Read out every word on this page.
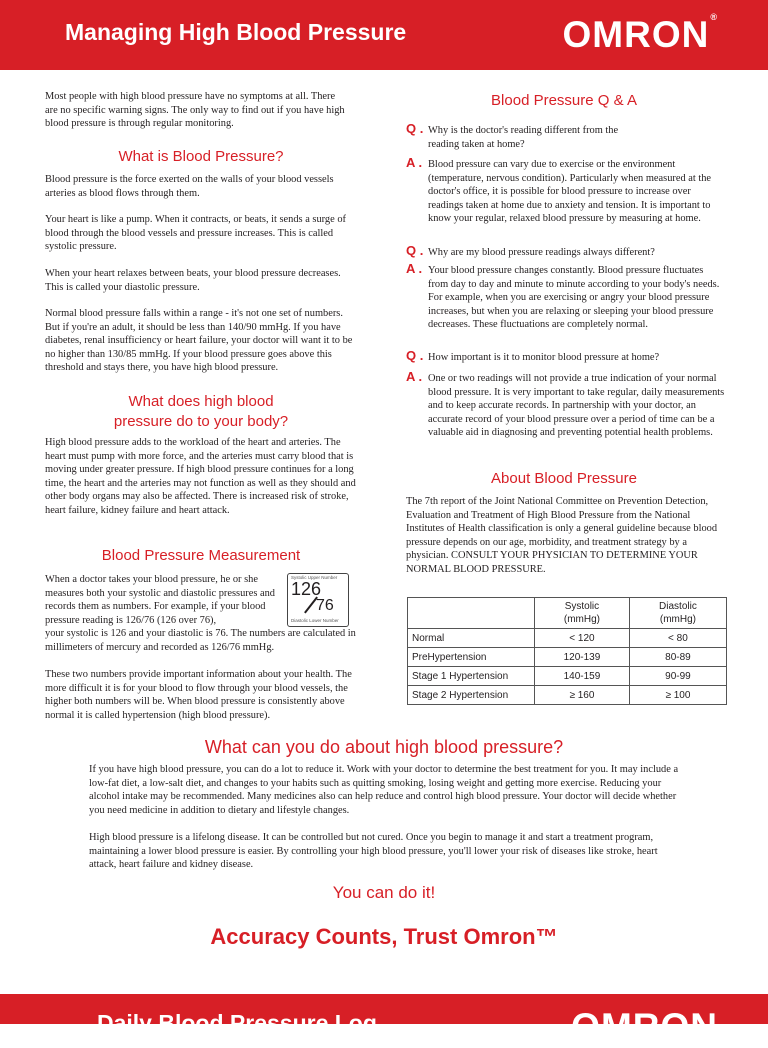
Managing High Blood Pressure	OMRON®

Most people with high blood pressure have no symptoms at all. There are no specific warning signs. The only way to find out if you have high blood pressure is through regular monitoring.

What is Blood Pressure?

Blood pressure is the force exerted on the walls of your blood vessels arteries as blood flows through them.

Your heart is like a pump. When it contracts, or beats, it sends a surge of blood through the blood vessels and pressure increases. This is called systolic pressure.

When your heart relaxes between beats, your blood pressure decreases. This is called your diastolic pressure.

Normal blood pressure falls within a range - it's not one set of numbers. But if you're an adult, it should be less than 140/90 mmHg. If you have diabetes, renal insufficiency or heart failure, your doctor will want it to be no higher than 130/85 mmHg. If your blood pressure goes above this threshold and stays there, you have high blood pressure.

What does high blood
pressure do to your body?

High blood pressure adds to the workload of the heart and arteries. The heart must pump with more force, and the arteries must carry blood that is moving under greater pressure. If high blood pressure continues for a long time, the heart and the arteries may not function as well as they should and other body organs may also be affected. There is increased risk of stroke, heart failure, kidney failure and heart attack.

Blood Pressure Measurement

When a doctor takes your blood pressure, he or she measures both your systolic and diastolic pressures and records them as numbers. For example, if your blood pressure reading is 126/76 (126 over 76),

Systolic Upper Number
126
76
Diastolic Lower Number

your systolic is 126 and your diastolic is 76. The numbers are calculated in millimeters of mercury and recorded as 126/76 mmHg.

These two numbers provide important information about your health. The more difficult it is for your blood to flow through your blood vessels, the higher both numbers will be. When blood pressure is consistently above normal it is called hypertension (high blood pressure).

Blood Pressure Q & A
Q . Why is the doctor's reading different from the reading taken at home?
A . Blood pressure can vary due to exercise or the environment (temperature, nervous condition). Particularly when measured at the doctor's office, it is possible for blood pressure to increase over readings taken at home due to anxiety and tension. It is important to know your regular, relaxed blood pressure by measuring at home.
Q . Why are my blood pressure readings always different?
A . Your blood pressure changes constantly. Blood pressure fluctuates from day to day and minute to minute according to your body's needs. For example, when you are exercising or angry your blood pressure increases, but when you are relaxing or sleeping your blood pressure decreases. These fluctuations are completely normal.
Q . How important is it to monitor blood pressure at home?
A . One or two readings will not provide a true indication of your normal blood pressure. It is very important to take regular, daily measurements and to keep accurate records. In partnership with your doctor, an accurate record of your blood pressure over a period of time can be a valuable aid in diagnosing and preventing potential health problems.
About Blood Pressure

The 7th report of the Joint National Committee on Prevention Detection, Evaluation and Treatment of High Blood Pressure from the National Institutes of Health classification is only a general guideline because blood pressure depends on our age, morbidity, and treatment strategy by a physician. CONSULT YOUR PHYSICIAN TO DETERMINE YOUR NORMAL BLOOD PRESSURE.

	Systolic
(mmHg)	Diastolic
(mmHg)
Normal	< 120	< 80
PreHypertension	120-139	80-89
Stage 1 Hypertension	140-159	90-99
Stage 2 Hypertension	≥ 160	≥ 100
What can you do about high blood pressure?

If you have high blood pressure, you can do a lot to reduce it. Work with your doctor to determine the best treatment for you. It may include a low-fat diet, a low-salt diet, and changes to your habits such as quitting smoking, losing weight and getting more exercise. Reducing your alcohol intake may be recommended. Many medicines also can help reduce and control high blood pressure. Your doctor will decide whether you need medicine in addition to dietary and lifestyle changes.

High blood pressure is a lifelong disease. It can be controlled but not cured. Once you begin to manage it and start a treatment program, maintaining a lower blood pressure is easier. By controlling your high blood pressure, you'll lower your risk of diseases like stroke, heart attack, heart failure and kidney disease.

You can do it!
Accuracy Counts, Trust Omron™
Daily Blood Pressure Log	OMRON
